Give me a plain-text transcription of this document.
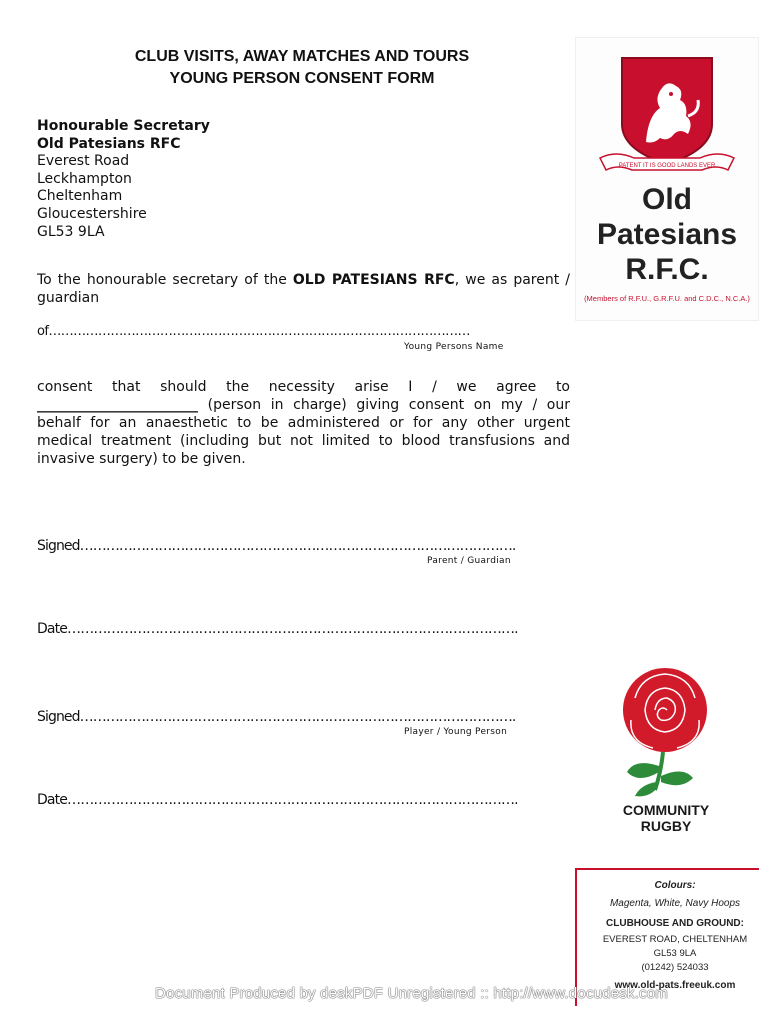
CLUB VISITS, AWAY MATCHES AND TOURS
YOUNG PERSON CONSENT FORM
Honourable Secretary
Old Patesians RFC
Everest Road
Leckhampton
Cheltenham
Gloucestershire
GL53 9LA
To the honourable secretary of the OLD PATESIANS RFC, we as parent / guardian
of…………………………………………………………………………………………
Young Persons Name
consent that should the necessity arise I / we agree to _______________________ (person in charge) giving consent on my / our behalf for an anaesthetic to be administered or for any other urgent medical treatment (including but not limited to blood transfusions and invasive surgery) to be given.
Signed……………………………………………………………………………………….
Parent / Guardian
Date………………………………………………………………………………………….
Signed……………………………………………………………………………………….
Player / Young Person
Date………………………………………………………………………………………….
PATENT IT IS GOOD LANDS EVER
Old
Patesians
R.F.C.
(Members of R.F.U., G.R.F.U. and C.D.C., N.C.A.)
COMMUNITY
RUGBY
Colours:
Magenta, White, Navy Hoops
CLUBHOUSE AND GROUND:
EVEREST ROAD, CHELTENHAM
GL53 9LA
(01242) 524033
www.old-pats.freeuk.com
Document Produced by deskPDF Unregistered :: http://www.docudesk.com
